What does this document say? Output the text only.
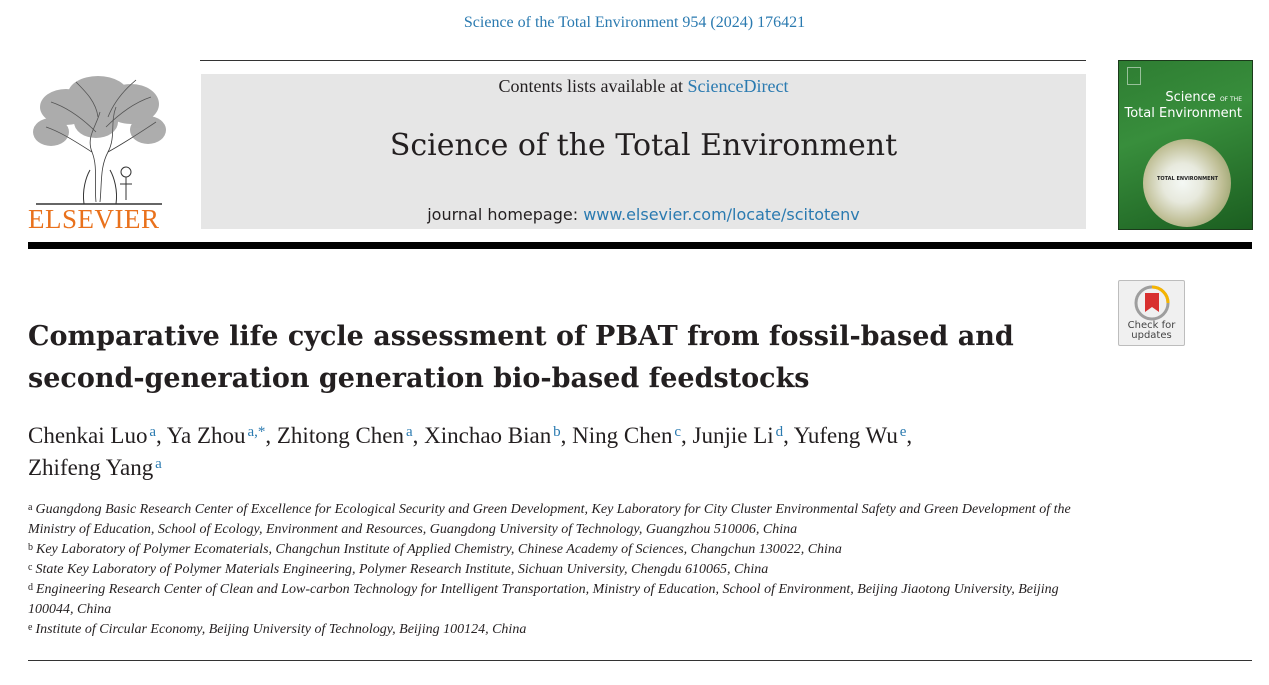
Science of the Total Environment 954 (2024) 176421
ELSEVIER
Contents lists available at ScienceDirect
Science of the Total Environment
journal homepage: www.elsevier.com/locate/scitotenv
Science OF THE
Total Environment
TOTAL ENVIRONMENT
Check for
updates
Comparative life cycle assessment of PBAT from fossil-based and
second-generation generation bio-based feedstocks
Chenkai Luo  $^a$, Ya Zhou  $^{a,*}$, Zhitong Chen  $^a$, Xinchao Bian  $^b$, Ning Chen  $^c$, Junjie Li  $^d$, Yufeng Wu  $^e$,
Zhifeng Yang  $^a$
$^a$ Guangdong Basic Research Center of Excellence for Ecological Security and Green Development, Key Laboratory for City Cluster Environmental Safety and Green Development of the Ministry of Education, School of Ecology, Environment and Resources, Guangdong University of Technology, Guangzhou 510006, China
$^b$ Key Laboratory of Polymer Ecomaterials, Changchun Institute of Applied Chemistry, Chinese Academy of Sciences, Changchun 130022, China
$^c$ State Key Laboratory of Polymer Materials Engineering, Polymer Research Institute, Sichuan University, Chengdu 610065, China
$^d$ Engineering Research Center of Clean and Low-carbon Technology for Intelligent Transportation, Ministry of Education, School of Environment, Beijing Jiaotong University, Beijing 100044, China
$^e$ Institute of Circular Economy, Beijing University of Technology, Beijing 100124, China
